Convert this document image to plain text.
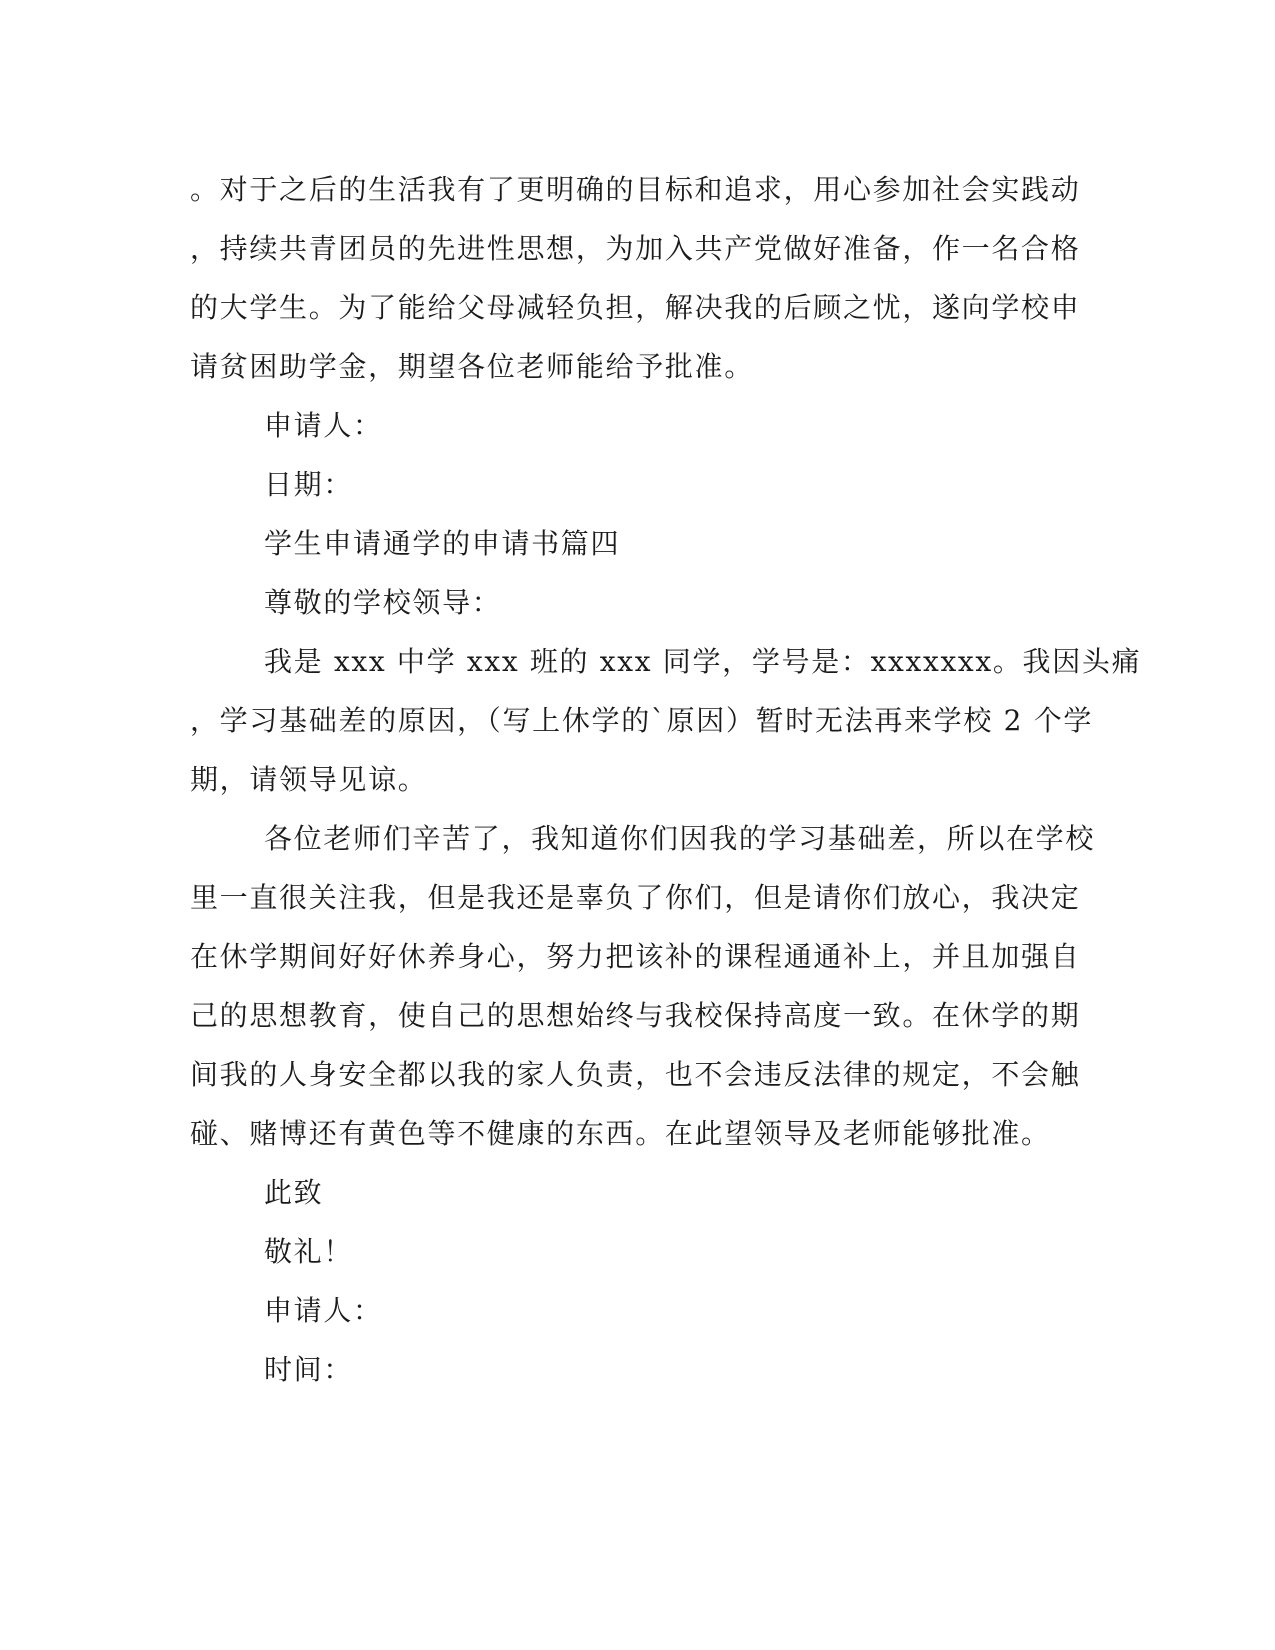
。对于之后的生活我有了更明确的目标和追求，用心参加社会实践动

，持续共青团员的先进性思想，为加入共产党做好准备，作一名合格

的大学生。为了能给父母减轻负担，解决我的后顾之忧，遂向学校申

请贫困助学金，期望各位老师能给予批准。

申请人：

日期：

学生申请通学的申请书篇四

尊敬的学校领导：

我是 xxx 中学 xxx 班的 xxx 同学，学号是：xxxxxxx。我因头痛

，学习基础差的原因，（写上休学的`原因）暂时无法再来学校 2 个学

期，请领导见谅。

各位老师们辛苦了，我知道你们因我的学习基础差，所以在学校

里一直很关注我，但是我还是辜负了你们，但是请你们放心，我决定

在休学期间好好休养身心，努力把该补的课程通通补上，并且加强自

己的思想教育，使自己的思想始终与我校保持高度一致。在休学的期

间我的人身安全都以我的家人负责，也不会违反法律的规定，不会触

碰、赌博还有黄色等不健康的东西。在此望领导及老师能够批准。

此致

敬礼！

申请人：

时间：
